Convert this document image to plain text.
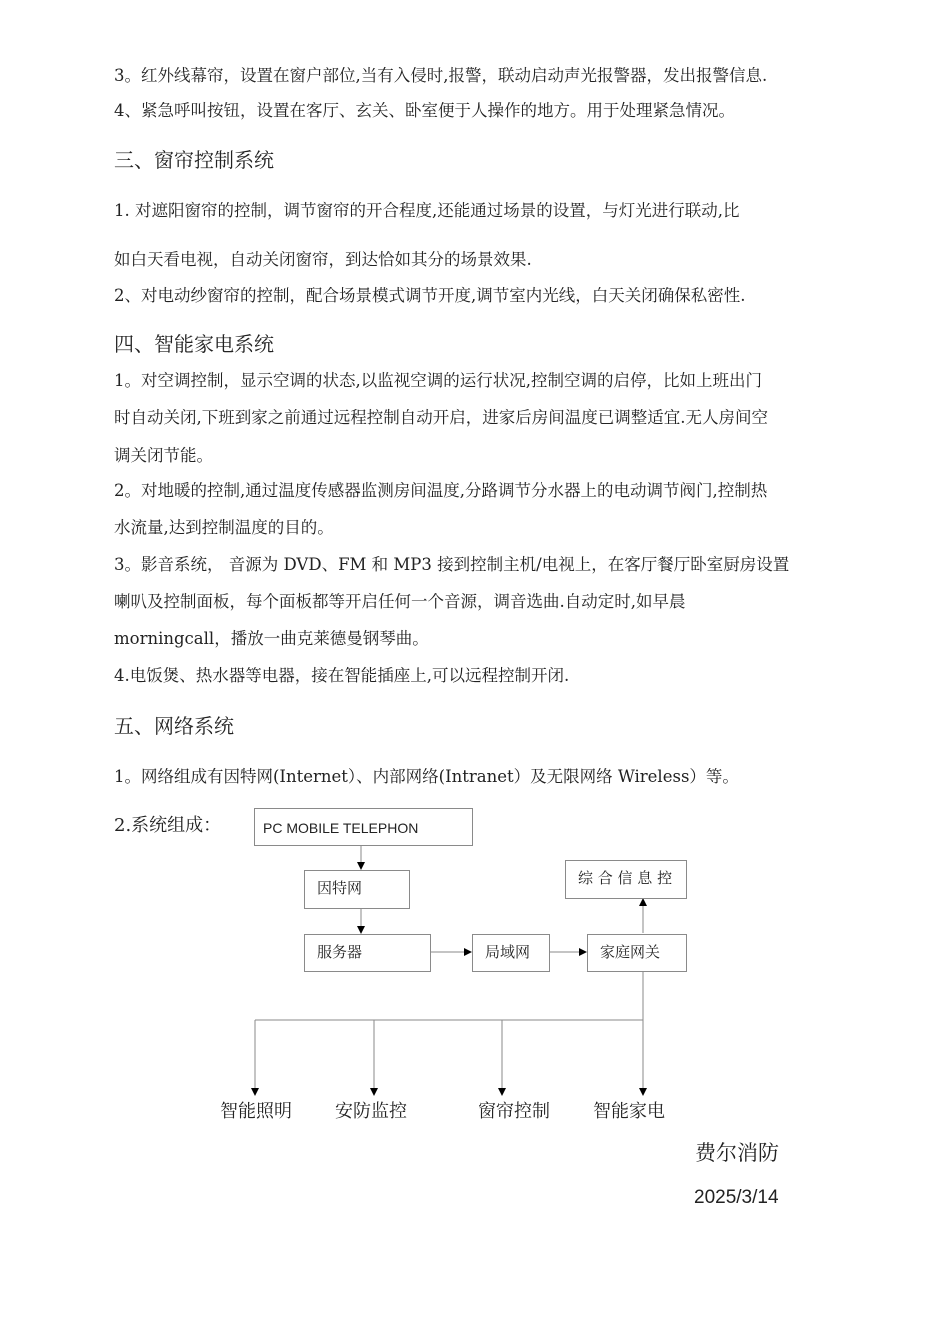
3。红外线幕帘，设置在窗户部位,当有入侵时,报警，联动启动声光报警器，发出报警信息.
4、紧急呼叫按钮，设置在客厅、玄关、卧室便于人操作的地方。用于处理紧急情况。
三、窗帘控制系统
1. 对遮阳窗帘的控制，调节窗帘的开合程度,还能通过场景的设置，与灯光进行联动,比
如白天看电视，自动关闭窗帘，到达恰如其分的场景效果.
2、对电动纱窗帘的控制，配合场景模式调节开度,调节室内光线，白天关闭确保私密性.
四、智能家电系统
1。对空调控制，显示空调的状态,以监视空调的运行状况,控制空调的启停，比如上班出门
时自动关闭,下班到家之前通过远程控制自动开启，进家后房间温度已调整适宜.无人房间空
调关闭节能。
2。对地暖的控制,通过温度传感器监测房间温度,分路调节分水器上的电动调节阀门,控制热
水流量,达到控制温度的目的。
3。影音系统， 音源为 DVD、FM 和 MP3 接到控制主机/电视上，在客厅餐厅卧室厨房设置
喇叭及控制面板，每个面板都等开启任何一个音源，调音选曲.自动定时,如早晨
morningcall，播放一曲克莱德曼钢琴曲。
4.电饭煲、热水器等电器，接在智能插座上,可以远程控制开闭.
五、网络系统
1。网络组成有因特网(Internet）、内部网络(Intranet）及无限网络 Wireless）等。
2.系统组成：	PC MOBILE TELEPHON
因特网
服务器	局域网	家庭网关
综 合 信 息 控
智能照明 安防监控	窗帘控制 智能家电
费尔消防
2025/3/14
